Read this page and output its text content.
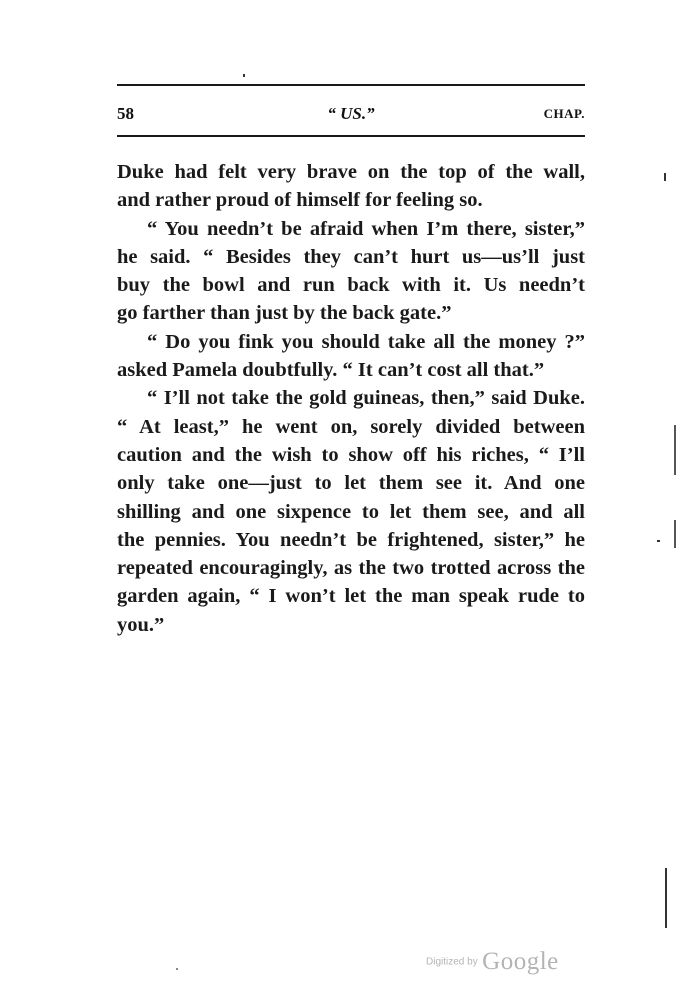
58	“ US.”	CHAP.
Duke had felt very brave on the top of the wall,
and rather proud of himself for feeling so.
“ You needn’t be afraid when I’m there, sister,”
he said. “ Besides they can’t hurt us—us’ll just
buy the bowl and run back with it. Us needn’t
go farther than just by the back gate.”
“ Do you fink you should take all the money ?”
asked Pamela doubtfully. “ It can’t cost all that.”
“ I’ll not take the gold guineas, then,” said Duke.
“ At least,” he went on, sorely divided between
caution and the wish to show off his riches, “ I’ll
only take one—just to let them see it. And one
shilling and one sixpence to let them see, and all
the pennies. You needn’t be frightened, sister,” he
repeated encouragingly, as the two trotted across the
garden again, “ I won’t let the man speak rude to
you.”
Digitized by Google
